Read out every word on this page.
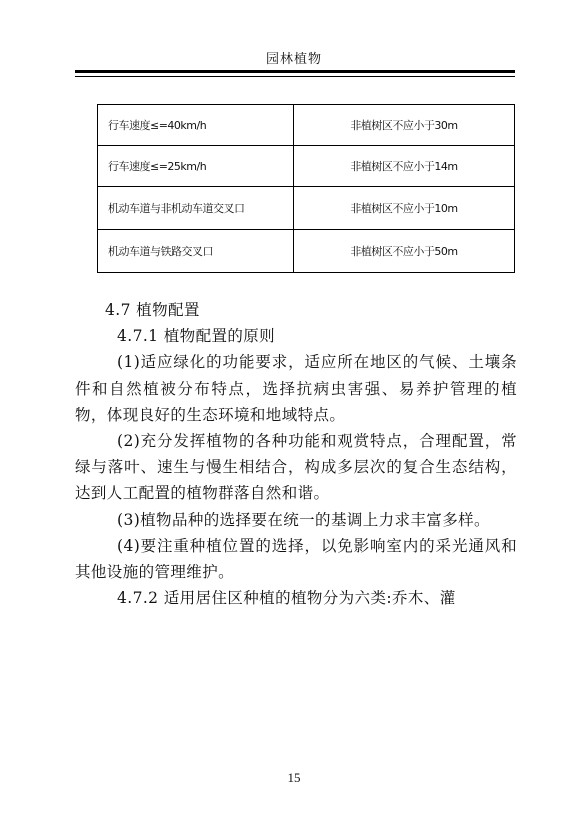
园林植物
行车速度≤=40km/h	非植树区不应小于30m
行车速度≤=25km/h	非植树区不应小于14m
机动车道与非机动车道交叉口	非植树区不应小于10m
机动车道与铁路交叉口	非植树区不应小于50m

4.7 植物配置

4.7.1 植物配置的原则

(1)适应绿化的功能要求，适应所在地区的气候、土壤条 件和自然植被分布特点，选择抗病虫害强、易养护管理的植物，体现良好的生态环境和地域特点。

(2)充分发挥植物的各种功能和观赏特点，合理配置，常绿与落叶、速生与慢生相结合，构成多层次的复合生态结构，达到人工配置的植物群落自然和谐。

(3)植物品种的选择要在统一的基调上力求丰富多样。

(4)要注重种植位置的选择，以免影响室内的采光通风和其他设施的管理维护。

4.7.2 适用居住区种植的植物分为六类:乔木、灌

15
